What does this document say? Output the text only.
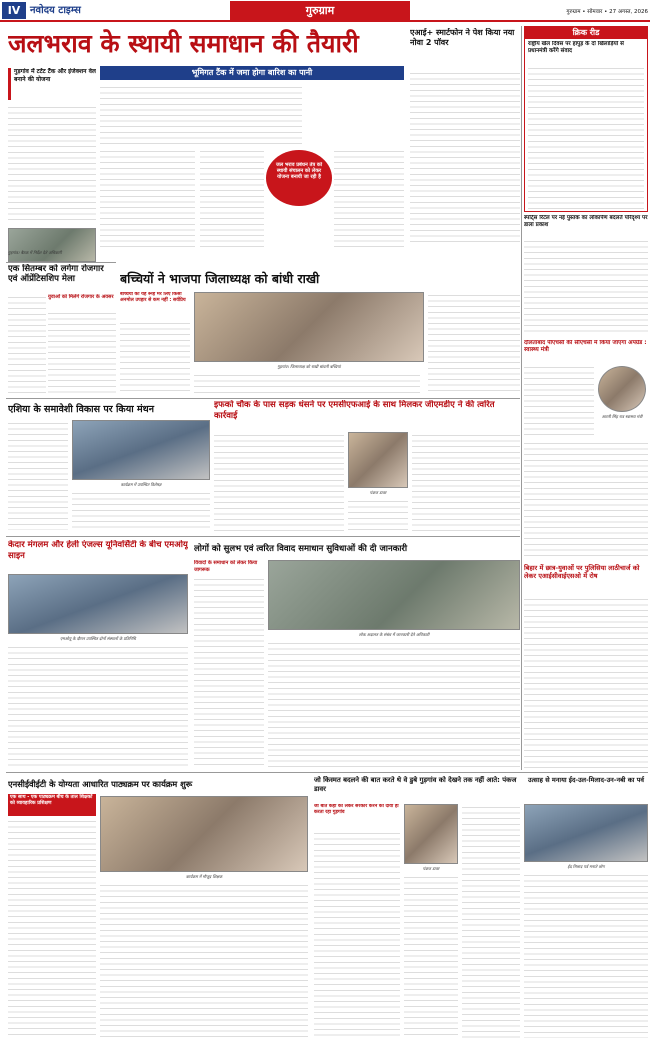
IV नवोदय टाइम्स	गुरुग्राम	गुरुग्राम • सोमवार • 27 अगस्त, 2026
जलभराव के स्थायी समाधान की तैयारी
गुड़गांव में टर्टेट टैंक और इंजेक्शन वेल बनाने की योजना
भूमिगत टैंक में जमा होगा बारिश का पानी
जल भराव प्रबंधन तंत्र को स्थायी संचालन को लेकर योजना बनायी जा रही है
गुड़गांव। बैठक में निर्देश देते अधिकारी
एआई+ स्मार्टफोन ने पेश किया नया नोवा 2 पॉवर
क्रिक रीड
राष्ट्रीय खेल दिवस पर हापुड़ के दो खिलाड़ियों से प्रधानमंत्री करेंगे संवाद
स्पोर्ट्स रिटेल पर नई पुस्तक का लोकार्पण बदलते परिदृश्य पर डाला प्रकाश
एक सितम्बर को लगेगा रोजगार एवं ऑप्रेंटिसशिप मेला
युवाओं को मिलेंगे रोजगार के अवसर
बच्चियों ने भाजपा जिलाध्यक्ष को बांधी राखी
बच्चियों का यह स्नेह मेरे लिए किसी अनमोल उपहार से कम नहीं : सर्वप्रिय
गुड़गांव। जिलाध्यक्ष को राखी बांधती बच्चियां
दौलताबाद पीएचसी की सीएचसी में किया जाएगा अपग्रेड : स्वास्थ्य मंत्री
आरती सिंह राव स्वास्थ्य मंत्री
एशिया के समावेशी विकास पर किया मंथन
कार्यक्रम में उपस्थित विशेषज्ञ
इफको चौक के पास सड़क धंसने पर एमसीएफआई के साथ मिलकर जीएमडीए ने की त्वरित कार्रवाई
पंकज डावर
केदार मंगलम और हेली एंजल्स यूनिवर्सिटी के बीच एमओयू साइन
एमओयू के दौरान उपस्थित दोनों संस्थानों के प्रतिनिधि
लोगों को सुलभ एवं त्वरित विवाद समाधान सुविधाओं की दी जानकारी
विवादों के समाधान को लेकर किया जागरूक
लोक अदालत के संबंध में जानकारी देते अधिकारी
बिहार में छात्र-युवाओं पर पुलिसिया लाठीचार्ज को लेकर एआईसीवाईएसओ में रोष
एनसीईवीईटी के योग्यता आधारित पाठ्यक्रम पर कार्यक्रम शुरू
एक साथ - एक पाठ्यक्रम बीच के ताल शिक्षकों को व्यावहारिक प्रशिक्षण
कार्यक्रम में मौजूद शिक्षक
जो किस्मत बदलने की बात करते थे वे डुबे गुड़गांव को देखने तक नहीं आते: पंकज डावर
जो बातें कहां को लेकर सरकारें करने को दावा ही करता रहा गुड़गांव
पंकज डावर
उत्साह से मनाया ईद-उल-मिलाद-उन-नबी का पर्व
ईद मिलाद पर्व मनाते लोग
